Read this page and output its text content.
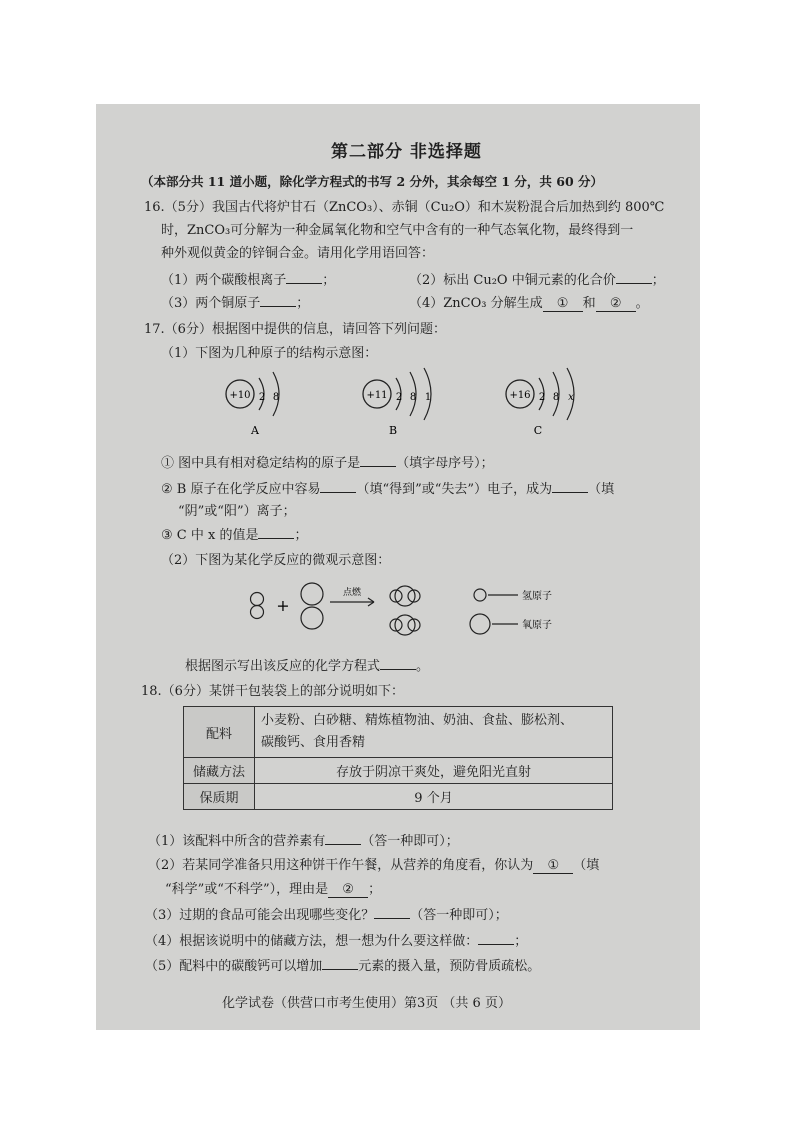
第二部分 非选择题
（本部分共 11 道小题，除化学方程式的书写 2 分外，其余每空 1 分，共 60 分）
16.（5分）我国古代将炉甘石（ZnCO₃）、赤铜（Cu₂O）和木炭粉混合后加热到约 800℃
时，ZnCO₃可分解为一种金属氧化物和空气中含有的一种气态氧化物，最终得到一
种外观似黄金的锌铜合金。请用化学用语回答：
（1）两个碳酸根离子	；	（2）标出 Cu₂O 中铜元素的化合价	；
（3）两个铜原子	；	（4）ZnCO₃ 分解生成 ① 和 ② 。
17.（6分）根据图中提供的信息，请回答下列问题：
（1）下图为几种原子的结构示意图：
+10 2 8
A
+11 2 8 1
B
+16 2 8 x
C
① 图中具有相对稳定结构的原子是	（填字母序号）；
② B 原子在化学反应中容易	（填“得到”或“失去”）电子，成为	（填
“阴”或“阳”）离子；
③ C 中 x 的值是	；
（2）下图为某化学反应的微观示意图：
+
点燃	氢原子
氧原子
根据图示写出该反应的化学方程式	。
18.（6分）某饼干包装袋上的部分说明如下：
配料	小麦粉、白砂糖、精炼植物油、奶油、食盐、膨松剂、
碳酸钙、食用香精

储藏方法	存放于阴凉干爽处，避免阳光直射
保质期	9 个月
（1）该配料中所含的营养素有	（答一种即可）；
（2）若某同学准备只用这种饼干作午餐，从营养的角度看，你认为 ① （填
“科学”或“不科学”），理由是 ② ；
（3）过期的食品可能会出现哪些变化？	（答一种即可）；
（4）根据该说明中的储藏方法，想一想为什么要这样做：	；
（5）配料中的碳酸钙可以增加	元素的摄入量，预防骨质疏松。
化学试卷（供营口市考生使用）第3页 （共 6 页）
